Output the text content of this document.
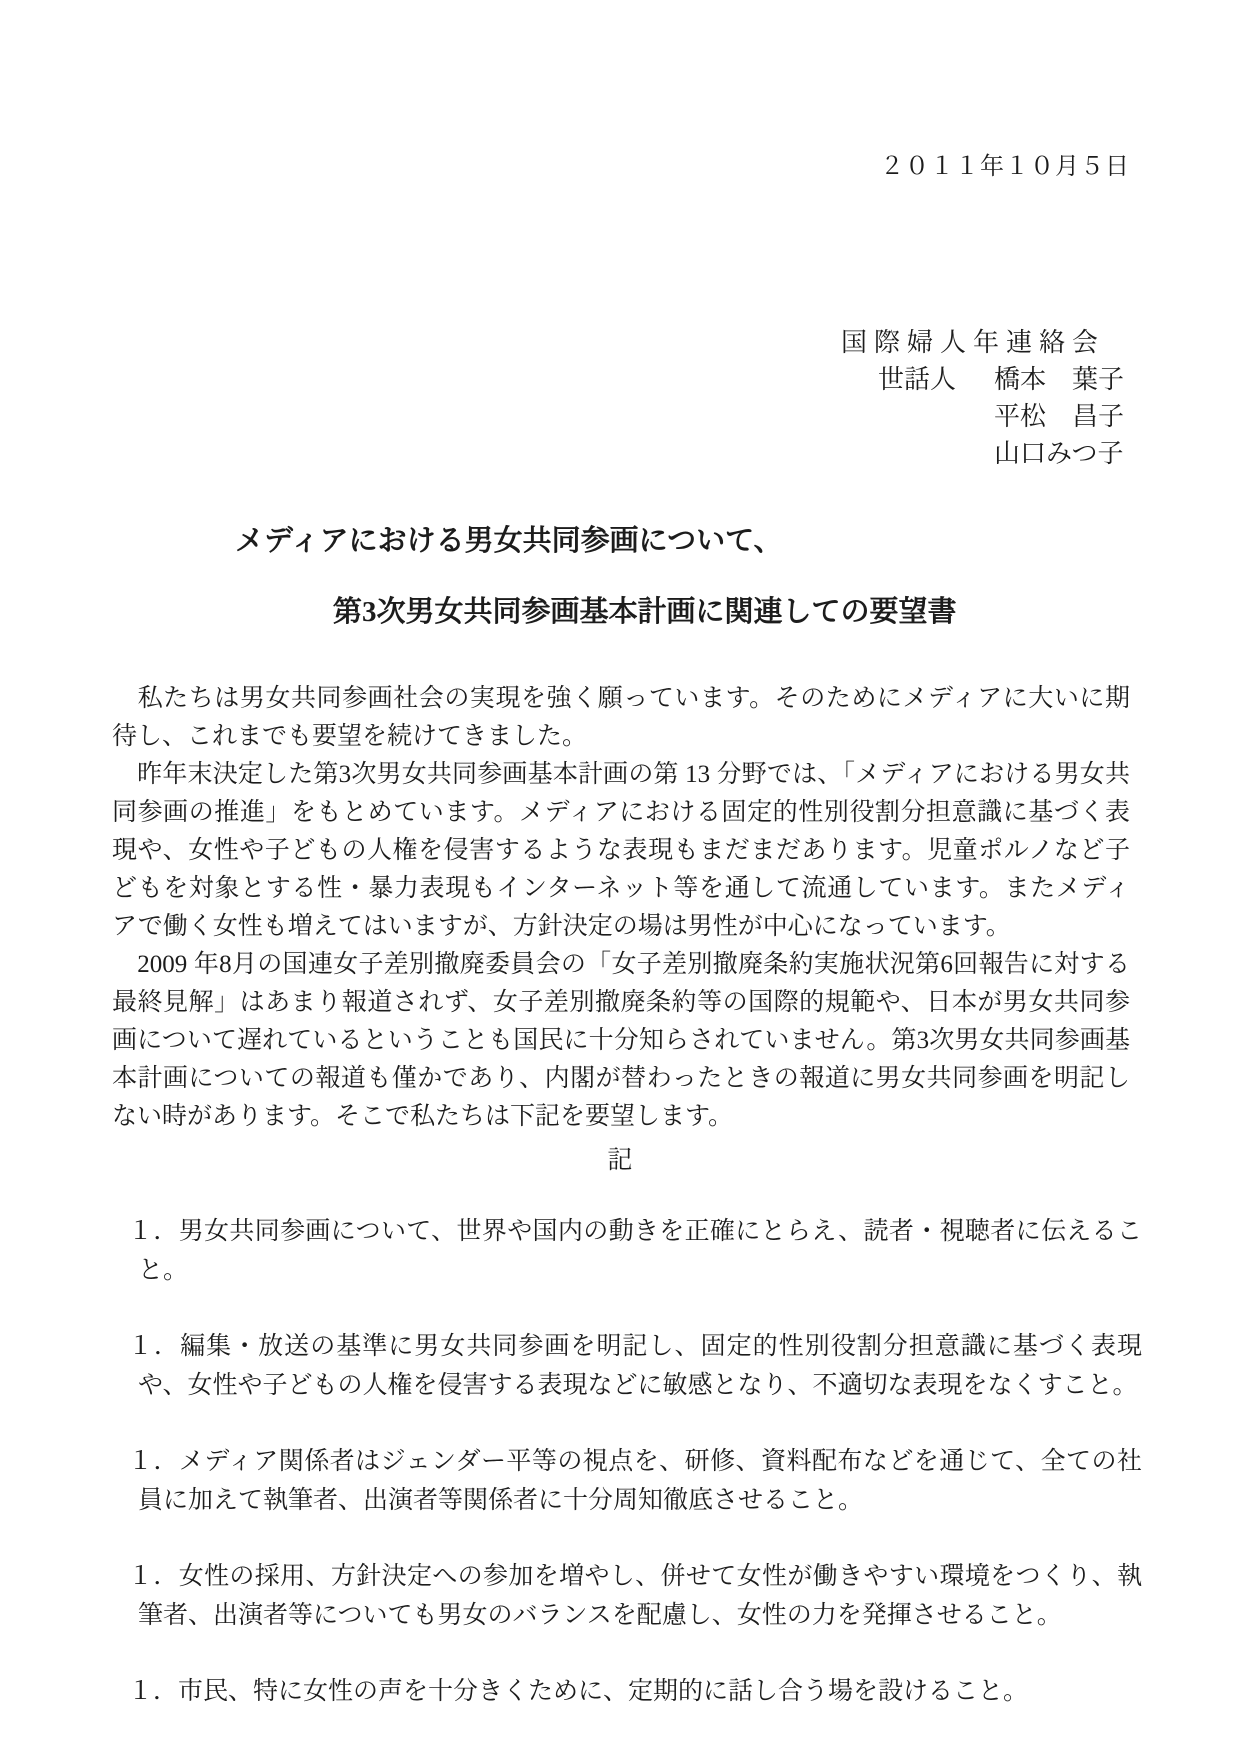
２０１１年１０月５日
国際婦人年連絡会
世話人 橋本　葉子
平松　昌子
山口みつ子
メディアにおける男女共同参画について、
第3次男女共同参画基本計画に関連しての要望書

　私たちは男女共同参画社会の実現を強く願っています。そのためにメディアに大いに期待し、これまでも要望を続けてきました。

　昨年末決定した第3次男女共同参画基本計画の第 13 分野では、「メディアにおける男女共同参画の推進」をもとめています。メディアにおける固定的性別役割分担意識に基づく表現や、女性や子どもの人権を侵害するような表現もまだまだあります。児童ポルノなど子どもを対象とする性・暴力表現もインターネット等を通して流通しています。またメディアで働く女性も増えてはいますが、方針決定の場は男性が中心になっています。

　2009 年8月の国連女子差別撤廃委員会の「女子差別撤廃条約実施状況第6回報告に対する最終見解」はあまり報道されず、女子差別撤廃条約等の国際的規範や、日本が男女共同参画について遅れているということも国民に十分知らされていません。第3次男女共同参画基本計画についての報道も僅かであり、内閣が替わったときの報道に男女共同参画を明記しない時があります。そこで私たちは下記を要望します。

記
１．男女共同参画について、世界や国内の動きを正確にとらえ、読者・視聴者に伝えること。
１．編集・放送の基準に男女共同参画を明記し、固定的性別役割分担意識に基づく表現や、女性や子どもの人権を侵害する表現などに敏感となり、不適切な表現をなくすこと。
１．メディア関係者はジェンダー平等の視点を、研修、資料配布などを通じて、全ての社員に加えて執筆者、出演者等関係者に十分周知徹底させること。
１．女性の採用、方針決定への参加を増やし、併せて女性が働きやすい環境をつくり、執筆者、出演者等についても男女のバランスを配慮し、女性の力を発揮させること。
１．市民、特に女性の声を十分きくために、定期的に話し合う場を設けること。
